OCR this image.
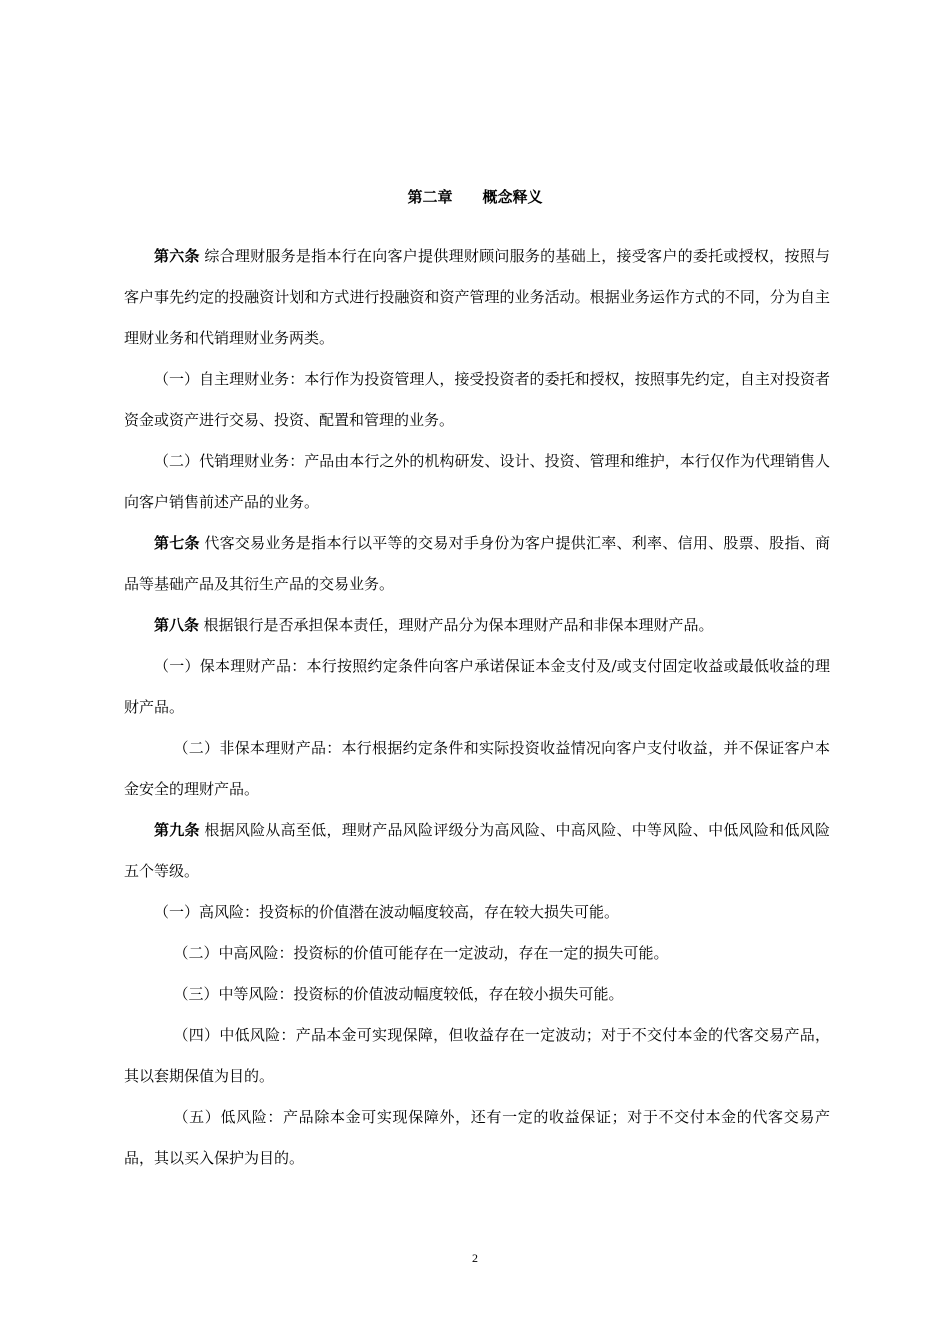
第二章　　概念释义

第六条 综合理财服务是指本行在向客户提供理财顾问服务的基础上，接受客户的委托或授权，按照与客户事先约定的投融资计划和方式进行投融资和资产管理的业务活动。根据业务运作方式的不同，分为自主理财业务和代销理财业务两类。

（一）自主理财业务：本行作为投资管理人，接受投资者的委托和授权，按照事先约定，自主对投资者资金或资产进行交易、投资、配置和管理的业务。

（二）代销理财业务：产品由本行之外的机构研发、设计、投资、管理和维护，本行仅作为代理销售人向客户销售前述产品的业务。

第七条 代客交易业务是指本行以平等的交易对手身份为客户提供汇率、利率、信用、股票、股指、商品等基础产品及其衍生产品的交易业务。

第八条 根据银行是否承担保本责任，理财产品分为保本理财产品和非保本理财产品。

（一）保本理财产品：本行按照约定条件向客户承诺保证本金支付及/或支付固定收益或最低收益的理财产品。

（二）非保本理财产品：本行根据约定条件和实际投资收益情况向客户支付收益，并不保证客户本金安全的理财产品。

第九条 根据风险从高至低，理财产品风险评级分为高风险、中高风险、中等风险、中低风险和低风险五个等级。

（一）高风险：投资标的价值潜在波动幅度较高，存在较大损失可能。

（二）中高风险：投资标的价值可能存在一定波动，存在一定的损失可能。

（三）中等风险：投资标的价值波动幅度较低，存在较小损失可能。

（四）中低风险：产品本金可实现保障，但收益存在一定波动；对于不交付本金的代客交易产品，其以套期保值为目的。

（五）低风险：产品除本金可实现保障外，还有一定的收益保证；对于不交付本金的代客交易产品，其以买入保护为目的。

2
